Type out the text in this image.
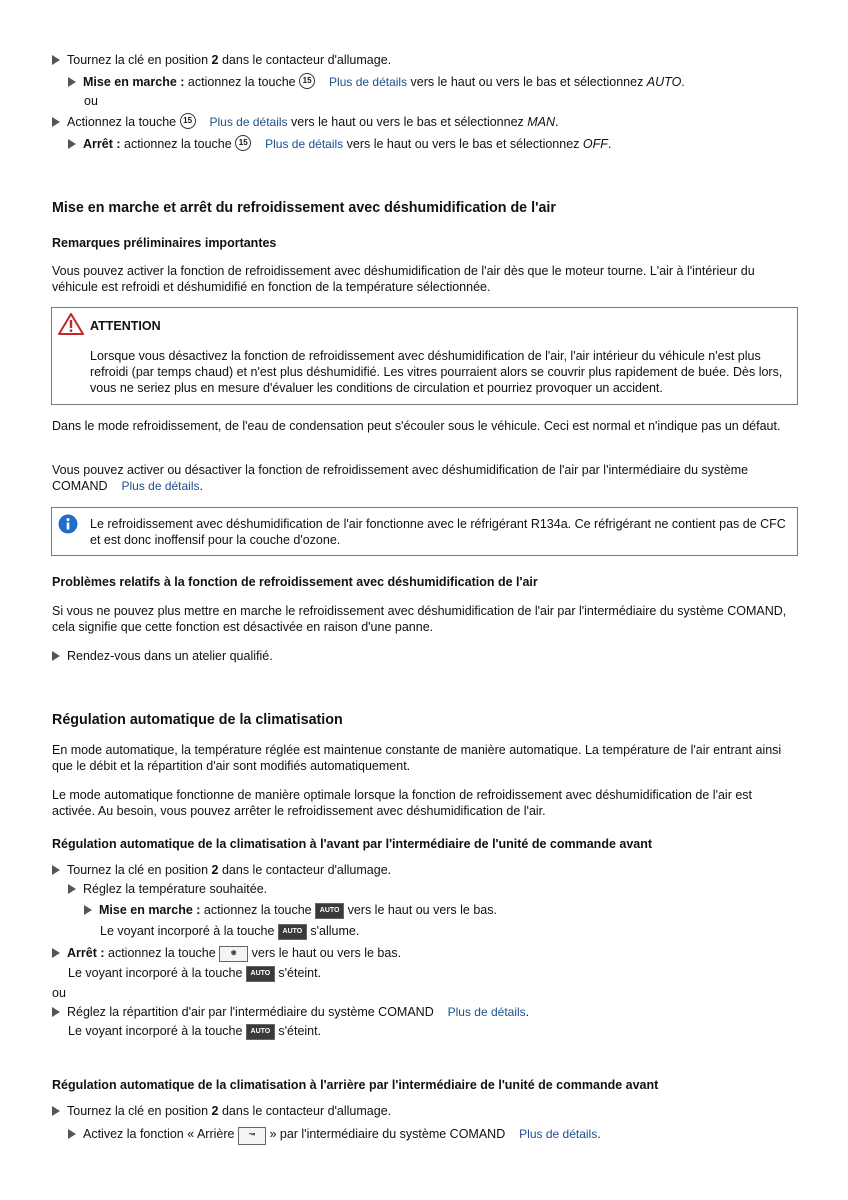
Tournez la clé en position 2 dans le contacteur d'allumage.
Mise en marche : actionnez la touche 15 Plus de détails vers le haut ou vers le bas et sélectionnez AUTO.
ou
Actionnez la touche 15 Plus de détails vers le haut ou vers le bas et sélectionnez MAN.
Arrêt : actionnez la touche 15 Plus de détails vers le haut ou vers le bas et sélectionnez OFF.
Mise en marche et arrêt du refroidissement avec déshumidification de l'air
Remarques préliminaires importantes
Vous pouvez activer la fonction de refroidissement avec déshumidification de l'air dès que le moteur tourne. L'air à l'intérieur du véhicule est refroidi et déshumidifié en fonction de la température sélectionnée.
ATTENTION
Lorsque vous désactivez la fonction de refroidissement avec déshumidification de l'air, l'air intérieur du véhicule n'est plus refroidi (par temps chaud) et n'est plus déshumidifié. Les vitres pourraient alors se couvrir plus rapidement de buée. Dès lors, vous ne seriez plus en mesure d'évaluer les conditions de circulation et pourriez provoquer un accident.
Dans le mode refroidissement, de l'eau de condensation peut s'écouler sous le véhicule. Ceci est normal et n'indique pas un défaut.
Vous pouvez activer ou désactiver la fonction de refroidissement avec déshumidification de l'air par l'intermédiaire du système
COMAND Plus de détails.
Le refroidissement avec déshumidification de l'air fonctionne avec le réfrigérant R134a. Ce réfrigérant ne contient pas de CFC et est donc inoffensif pour la couche d'ozone.
Problèmes relatifs à la fonction de refroidissement avec déshumidification de l'air
Si vous ne pouvez plus mettre en marche le refroidissement avec déshumidification de l'air par l'intermédiaire du système COMAND, cela signifie que cette fonction est désactivée en raison d'une panne.
Rendez-vous dans un atelier qualifié.
Régulation automatique de la climatisation
En mode automatique, la température réglée est maintenue constante de manière automatique. La température de l'air entrant ainsi que le débit et la répartition d'air sont modifiés automatiquement.
Le mode automatique fonctionne de manière optimale lorsque la fonction de refroidissement avec déshumidification de l'air est activée. Au besoin, vous pouvez arrêter le refroidissement avec déshumidification de l'air.
Régulation automatique de la climatisation à l'avant par l'intermédiaire de l'unité de commande avant
Tournez la clé en position 2 dans le contacteur d'allumage.
Réglez la température souhaitée.
Mise en marche : actionnez la touche AUTO vers le haut ou vers le bas.
Le voyant incorporé à la touche AUTO s'allume.
Arrêt : actionnez la touche ❀ vers le haut ou vers le bas.
Le voyant incorporé à la touche AUTO s'éteint.
ou
Réglez la répartition d'air par l'intermédiaire du système COMAND Plus de détails.
Le voyant incorporé à la touche AUTO s'éteint.
Régulation automatique de la climatisation à l'arrière par l'intermédiaire de l'unité de commande avant
Tournez la clé en position 2 dans le contacteur d'allumage.
Activez la fonction « Arrière ↝ » par l'intermédiaire du système COMAND Plus de détails.
